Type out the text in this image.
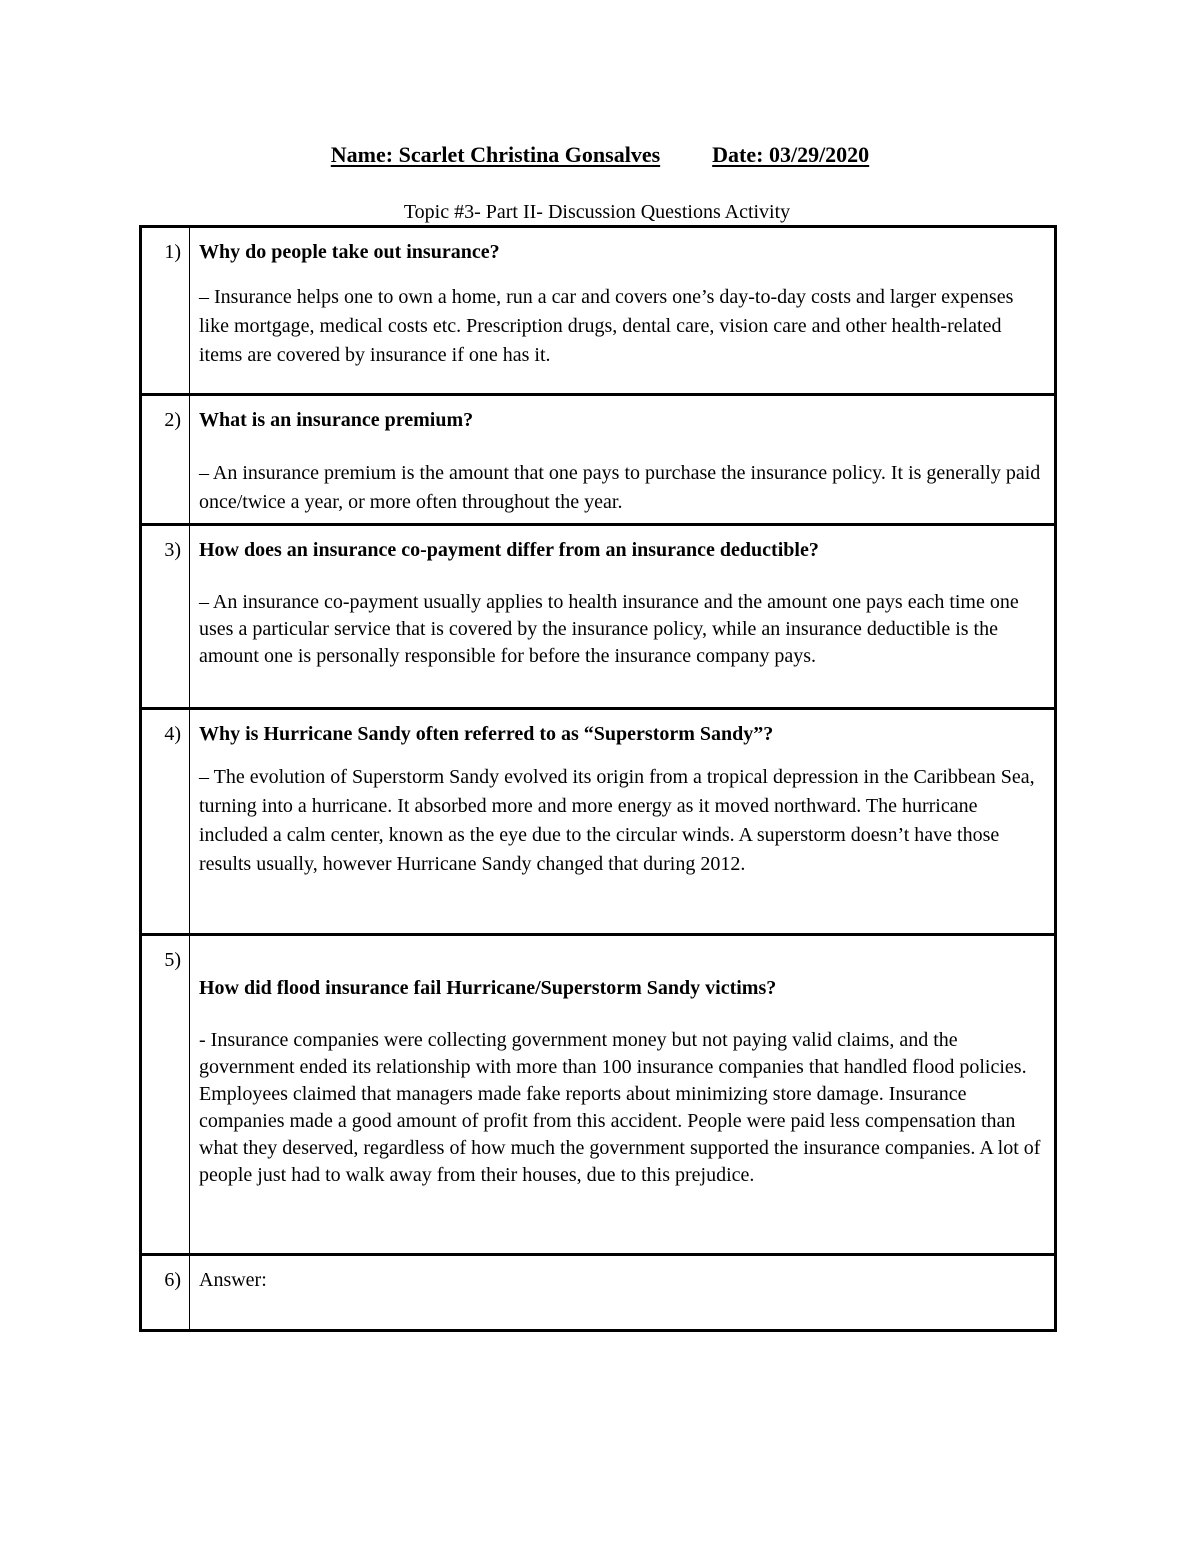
Name: Scarlet Christina Gonsalves Date: 03/29/2020
Topic #3- Part II- Discussion Questions Activity
1)	Why do people take out insurance?

– Insurance helps one to own a home, run a car and covers one’s day-to-day costs and larger expenses like mortgage, medical costs etc. Prescription drugs, dental care, vision care and other health-related items are covered by insurance if one has it.

2)	What is an insurance premium?

– An insurance premium is the amount that one pays to purchase the insurance policy. It is generally paid once/twice a year, or more often throughout the year.

3)	How does an insurance co-payment differ from an insurance deductible?

– An insurance co-payment usually applies to health insurance and the amount one pays each time one uses a particular service that is covered by the insurance policy, while an insurance deductible is the amount one is personally responsible for before the insurance company pays.

4)	Why is Hurricane Sandy often referred to as “Superstorm Sandy”?

– The evolution of Superstorm Sandy evolved its origin from a tropical depression in the Caribbean Sea, turning into a hurricane. It absorbed more and more energy as it moved northward. The hurricane included a calm center, known as the eye due to the circular winds. A superstorm doesn’t have those results usually, however Hurricane Sandy changed that during 2012.

5)	How did flood insurance fail Hurricane/Superstorm Sandy victims?

- Insurance companies were collecting government money but not paying valid claims, and the government ended its relationship with more than 100 insurance companies that handled flood policies. Employees claimed that managers made fake reports about minimizing store damage. Insurance companies made a good amount of profit from this accident. People were paid less compensation than what they deserved, regardless of how much the government supported the insurance companies. A lot of people just had to walk away from their houses, due to this prejudice.

6)	Answer:
